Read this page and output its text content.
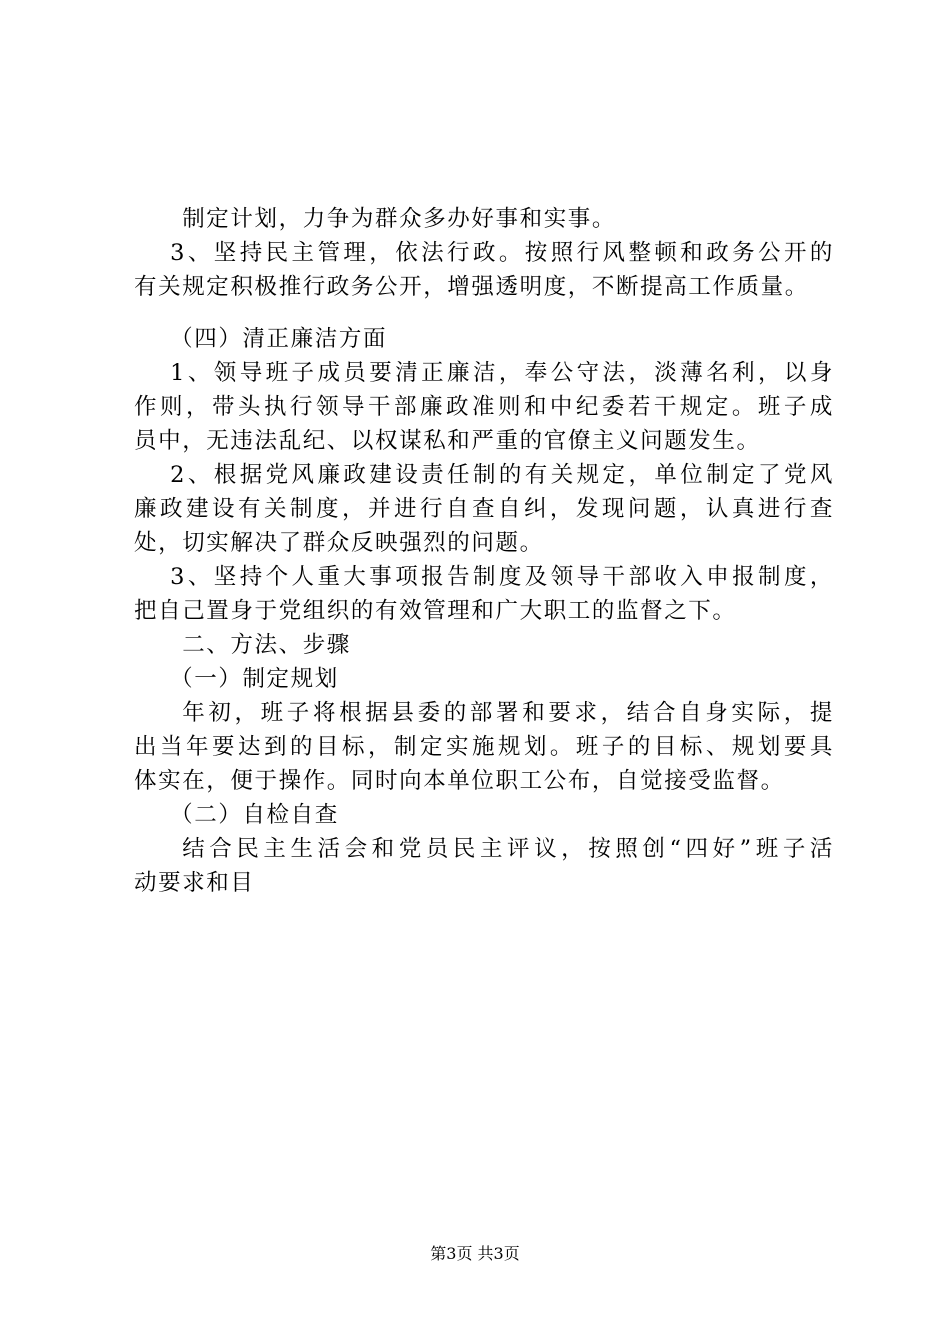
制定计划，力争为群众多办好事和实事。
3、坚持民主管理，依法行政。按照行风整顿和政务公开的
有关规定积极推行政务公开，增强透明度，不断提高工作质量。
（四）清正廉洁方面
1、领导班子成员要清正廉洁，奉公守法，淡薄名利，以身
作则，带头执行领导干部廉政准则和中纪委若干规定。班子成
员中，无违法乱纪、以权谋私和严重的官僚主义问题发生。
2、根据党风廉政建设责任制的有关规定，单位制定了党风
廉政建设有关制度，并进行自查自纠，发现问题，认真进行查
处，切实解决了群众反映强烈的问题。
3、坚持个人重大事项报告制度及领导干部收入申报制度，
把自己置身于党组织的有效管理和广大职工的监督之下。
二、方法、步骤
（一）制定规划
年初，班子将根据县委的部署和要求，结合自身实际，提
出当年要达到的目标，制定实施规划。班子的目标、规划要具
体实在，便于操作。同时向本单位职工公布，自觉接受监督。
（二）自检自查
结合民主生活会和党员民主评议，按照创“四好”班子活
动要求和目
第3页 共3页
